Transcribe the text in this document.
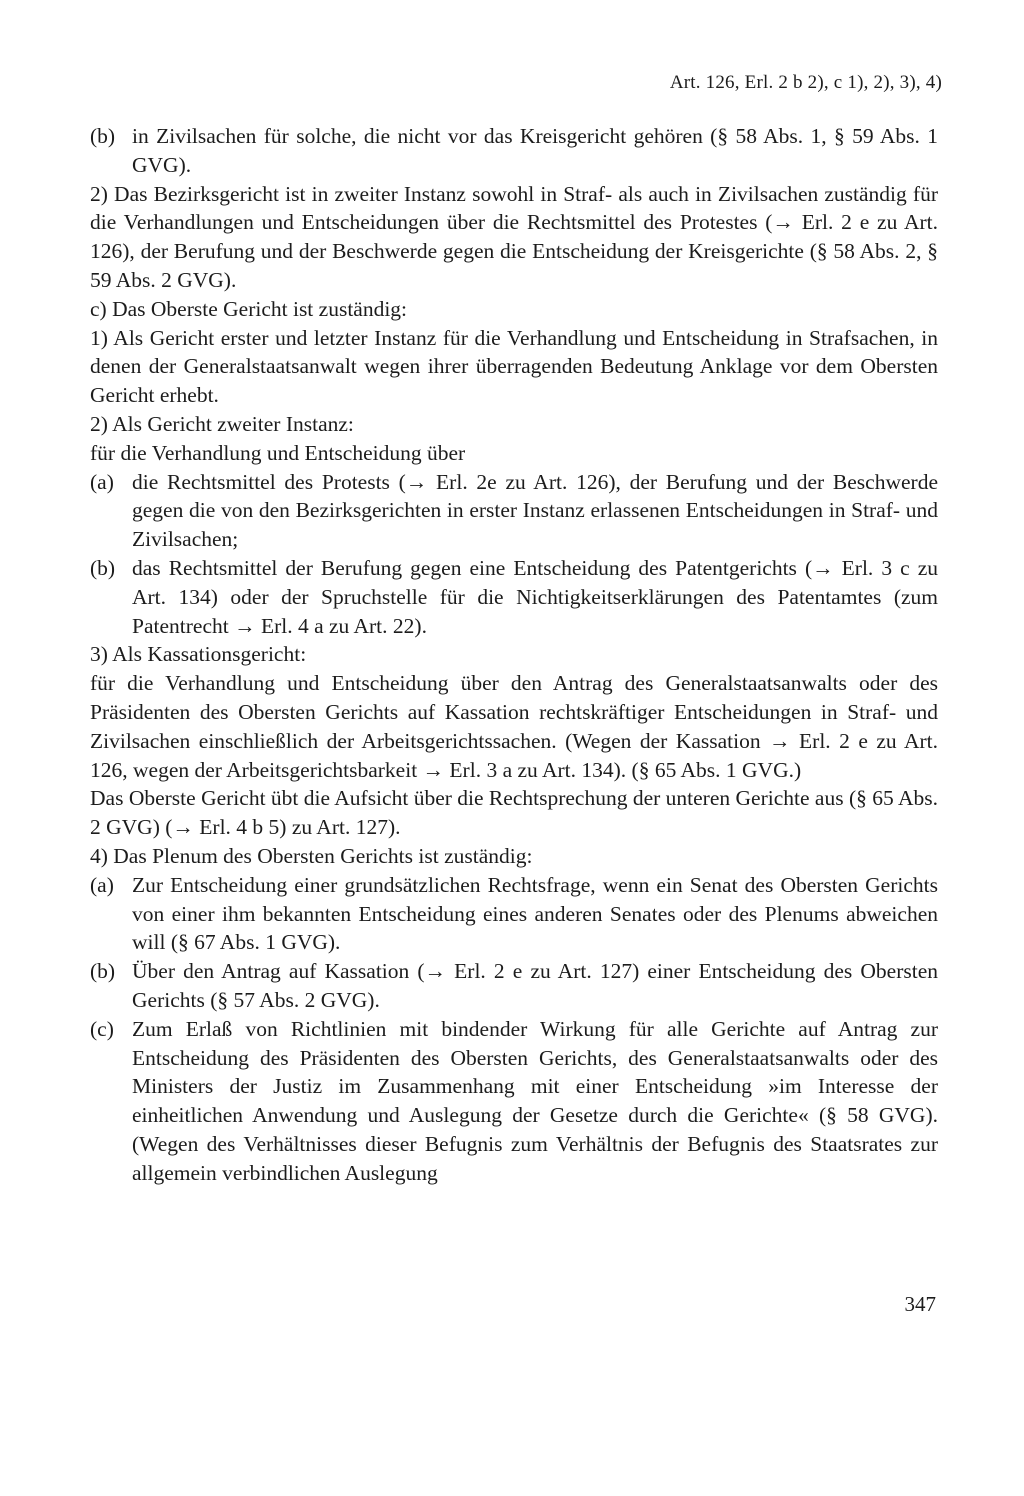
Art. 126, Erl. 2 b 2), c 1), 2), 3), 4)
(b) in Zivilsachen für solche, die nicht vor das Kreisgericht gehören (§ 58 Abs. 1, § 59 Abs. 1 GVG).

2) Das Bezirksgericht ist in zweiter Instanz sowohl in Straf- als auch in Zivilsachen zuständig für die Verhandlungen und Entscheidungen über die Rechtsmittel des Protestes (→ Erl. 2 e zu Art. 126), der Berufung und der Beschwerde gegen die Entscheidung der Kreisgerichte (§ 58 Abs. 2, § 59 Abs. 2 GVG).

c) Das Oberste Gericht ist zuständig:

1) Als Gericht erster und letzter Instanz für die Verhandlung und Entscheidung in Strafsachen, in denen der Generalstaatsanwalt wegen ihrer überragenden Bedeutung Anklage vor dem Obersten Gericht erhebt.

2) Als Gericht zweiter Instanz:

für die Verhandlung und Entscheidung über

(a) die Rechtsmittel des Protests (→ Erl. 2e zu Art. 126), der Berufung und der Beschwerde gegen die von den Bezirksgerichten in erster Instanz erlassenen Entscheidungen in Straf- und Zivilsachen;
(b) das Rechtsmittel der Berufung gegen eine Entscheidung des Patentgerichts (→ Erl. 3 c zu Art. 134) oder der Spruchstelle für die Nichtigkeitserklärungen des Patentamtes (zum Patentrecht → Erl. 4 a zu Art. 22).

3) Als Kassationsgericht:

für die Verhandlung und Entscheidung über den Antrag des Generalstaatsanwalts oder des Präsidenten des Obersten Gerichts auf Kassation rechtskräftiger Entscheidungen in Straf- und Zivilsachen einschließlich der Arbeitsgerichtssachen. (Wegen der Kassation → Erl. 2 e zu Art. 126, wegen der Arbeitsgerichtsbarkeit → Erl. 3 a zu Art. 134). (§ 65 Abs. 1 GVG.)

Das Oberste Gericht übt die Aufsicht über die Rechtsprechung der unteren Gerichte aus (§ 65 Abs. 2 GVG) (→ Erl. 4 b 5) zu Art. 127).

4) Das Plenum des Obersten Gerichts ist zuständig:

(a) Zur Entscheidung einer grundsätzlichen Rechtsfrage, wenn ein Senat des Obersten Gerichts von einer ihm bekannten Entscheidung eines anderen Senates oder des Plenums abweichen will (§ 67 Abs. 1 GVG).
(b) Über den Antrag auf Kassation (→ Erl. 2 e zu Art. 127) einer Entscheidung des Obersten Gerichts (§ 57 Abs. 2 GVG).
(c) Zum Erlaß von Richtlinien mit bindender Wirkung für alle Gerichte auf Antrag zur Entscheidung des Präsidenten des Obersten Gerichts, des Generalstaatsanwalts oder des Ministers der Justiz im Zusammenhang mit einer Entscheidung »im Interesse der einheitlichen Anwendung und Auslegung der Gesetze durch die Gerichte« (§ 58 GVG). (Wegen des Verhältnisses dieser Befugnis zum Verhältnis der Befugnis des Staatsrates zur allgemein verbindlichen Auslegung
347
